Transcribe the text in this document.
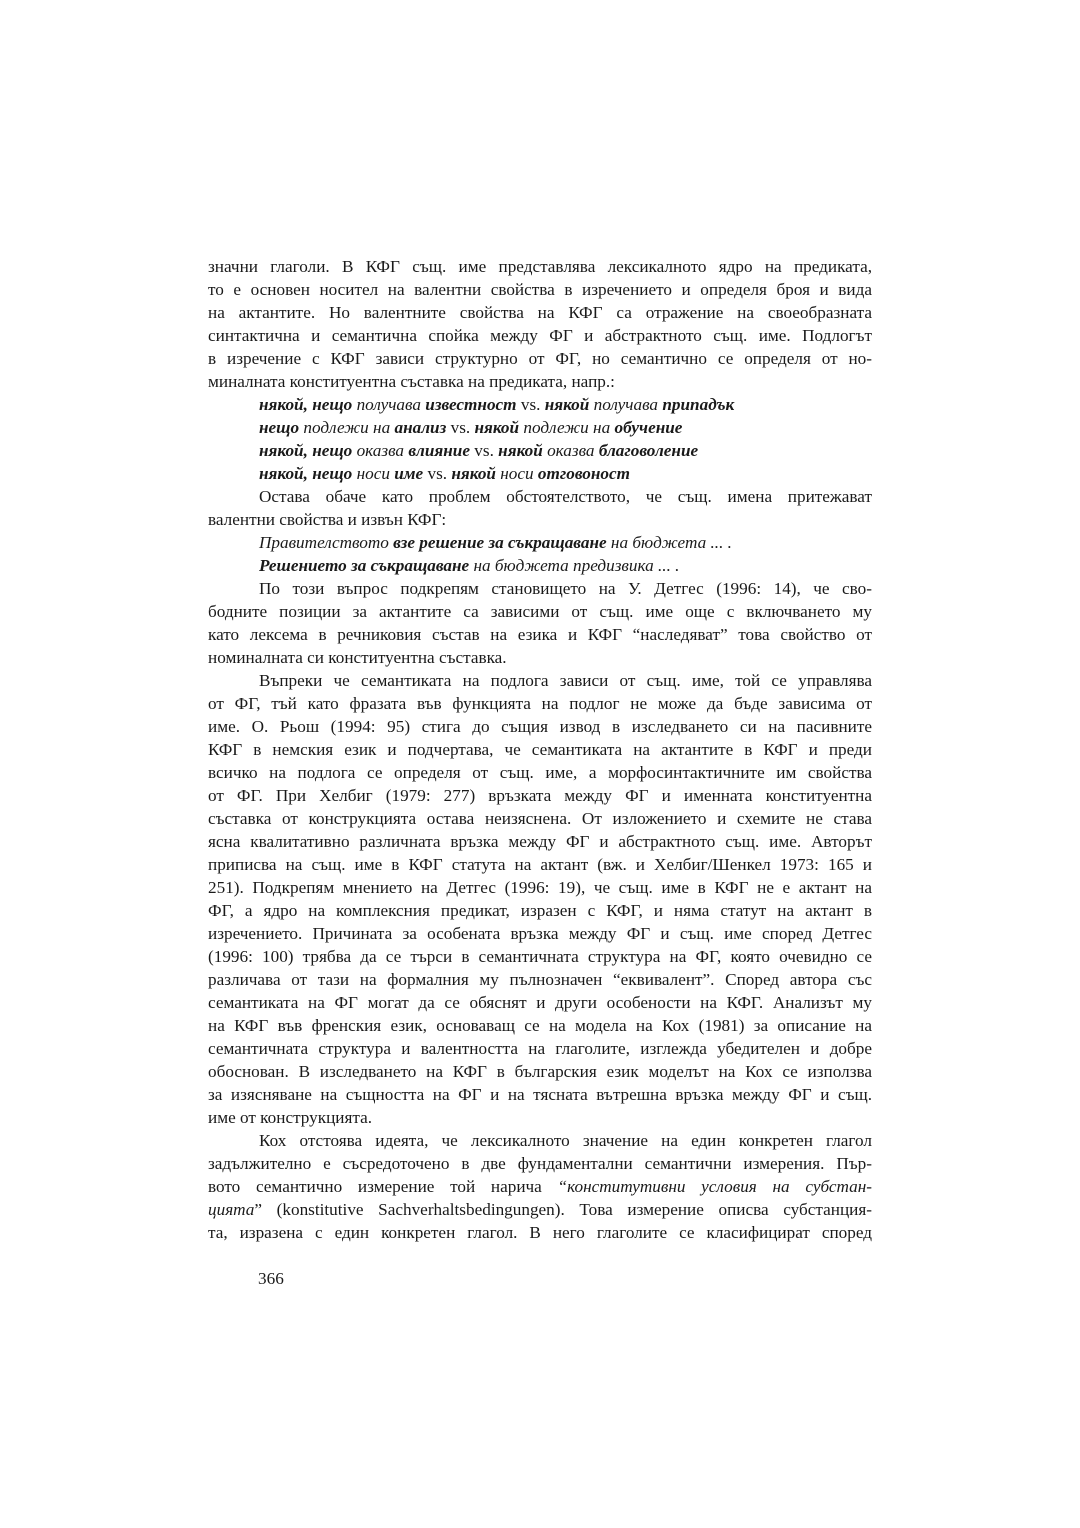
значни глаголи. В КФГ същ. име представлява лексикалното ядро на предиката,
то е основен носител на валентни свойства в изречението и определя броя и вида
на актантите. Но валентните свойства на КФГ са отражение на своеобразната
синтактична и семантична спойка между ФГ и абстрактното същ. име. Подлогът
в изречение с КФГ зависи структурно от ФГ, но семантично се определя от но-
миналната конституентна съставка на предиката, напр.:
някой, нещо получава известност vs. някой получава припадък
нещо подлежи на анализ vs. някой подлежи на обучение
някой, нещо оказва влияние vs. някой оказва благоволение
някой, нещо носи име vs. някой носи отговоност
Остава обаче като проблем обстоятелството, че същ. имена притежават
валентни свойства и извън КФГ:
Правителството взе решение за съкращаване на бюджета ... .
Решението за съкращаване на бюджета предизвика ... .
По този въпрос подкрепям становището на У. Детгес (1996: 14), че сво-
бодните позиции за актантите са зависими от същ. име още с включването му
като лексема в речниковия състав на езика и КФГ “наследяват” това свойство от
номиналната си конституентна съставка.
Въпреки че семантиката на подлога зависи от същ. име, той се управлява
от ФГ, тъй като фразата във функцията на подлог не може да бъде зависима от
име. О. Рьош (1994: 95) стига до същия извод в изследването си на пасивните
КФГ в немския език и подчертава, че семантиката на актантите в КФГ и преди
всичко на подлога се определя от същ. име, а морфосинтактичните им свойства
от ФГ. При Хелбиг (1979: 277) връзката между ФГ и именната конституентна
съставка от конструкцията остава неизяснена. От изложението и схемите не става
ясна квалитативно различната връзка между ФГ и абстрактното същ. име. Авторът
приписва на същ. име в КФГ статута на актант (вж. и Хелбиг/Шенкел 1973: 165 и
251). Подкрепям мнението на Детгес (1996: 19), че същ. име в КФГ не е актант на
ФГ, а ядро на комплексния предикат, изразен с КФГ, и няма статут на актант в
изречението. Причината за особената връзка между ФГ и същ. име според Детгес
(1996: 100) трябва да се търси в семантичната структура на ФГ, която очевидно се
различава от тази на формалния му пълнозначен “еквивалент”. Според автора със
семантиката на ФГ могат да се обяснят и други особености на КФГ. Анализът му
на КФГ във френския език, основаващ се на модела на Кох (1981) за описание на
семантичната структура и валентността на глаголите, изглежда убедителен и добре
обоснован. В изследването на КФГ в българския език моделът на Кох се използва
за изясняване на същността на ФГ и на тясната вътрешна връзка между ФГ и същ.
име от конструкцията.
Кох отстоява идеята, че лексикалното значение на един конкретен глагол
задължително е съсредоточено в две фундаментални семантични измерения. Пър-
вото семантично измерение той нарича “конститутивни условия на субстан-
цията” (konstitutive Sachverhaltsbedingungen). Това измерение описва субстанция-
та, изразена с един конкретен глагол. В него глаголите се класифицират според
366
